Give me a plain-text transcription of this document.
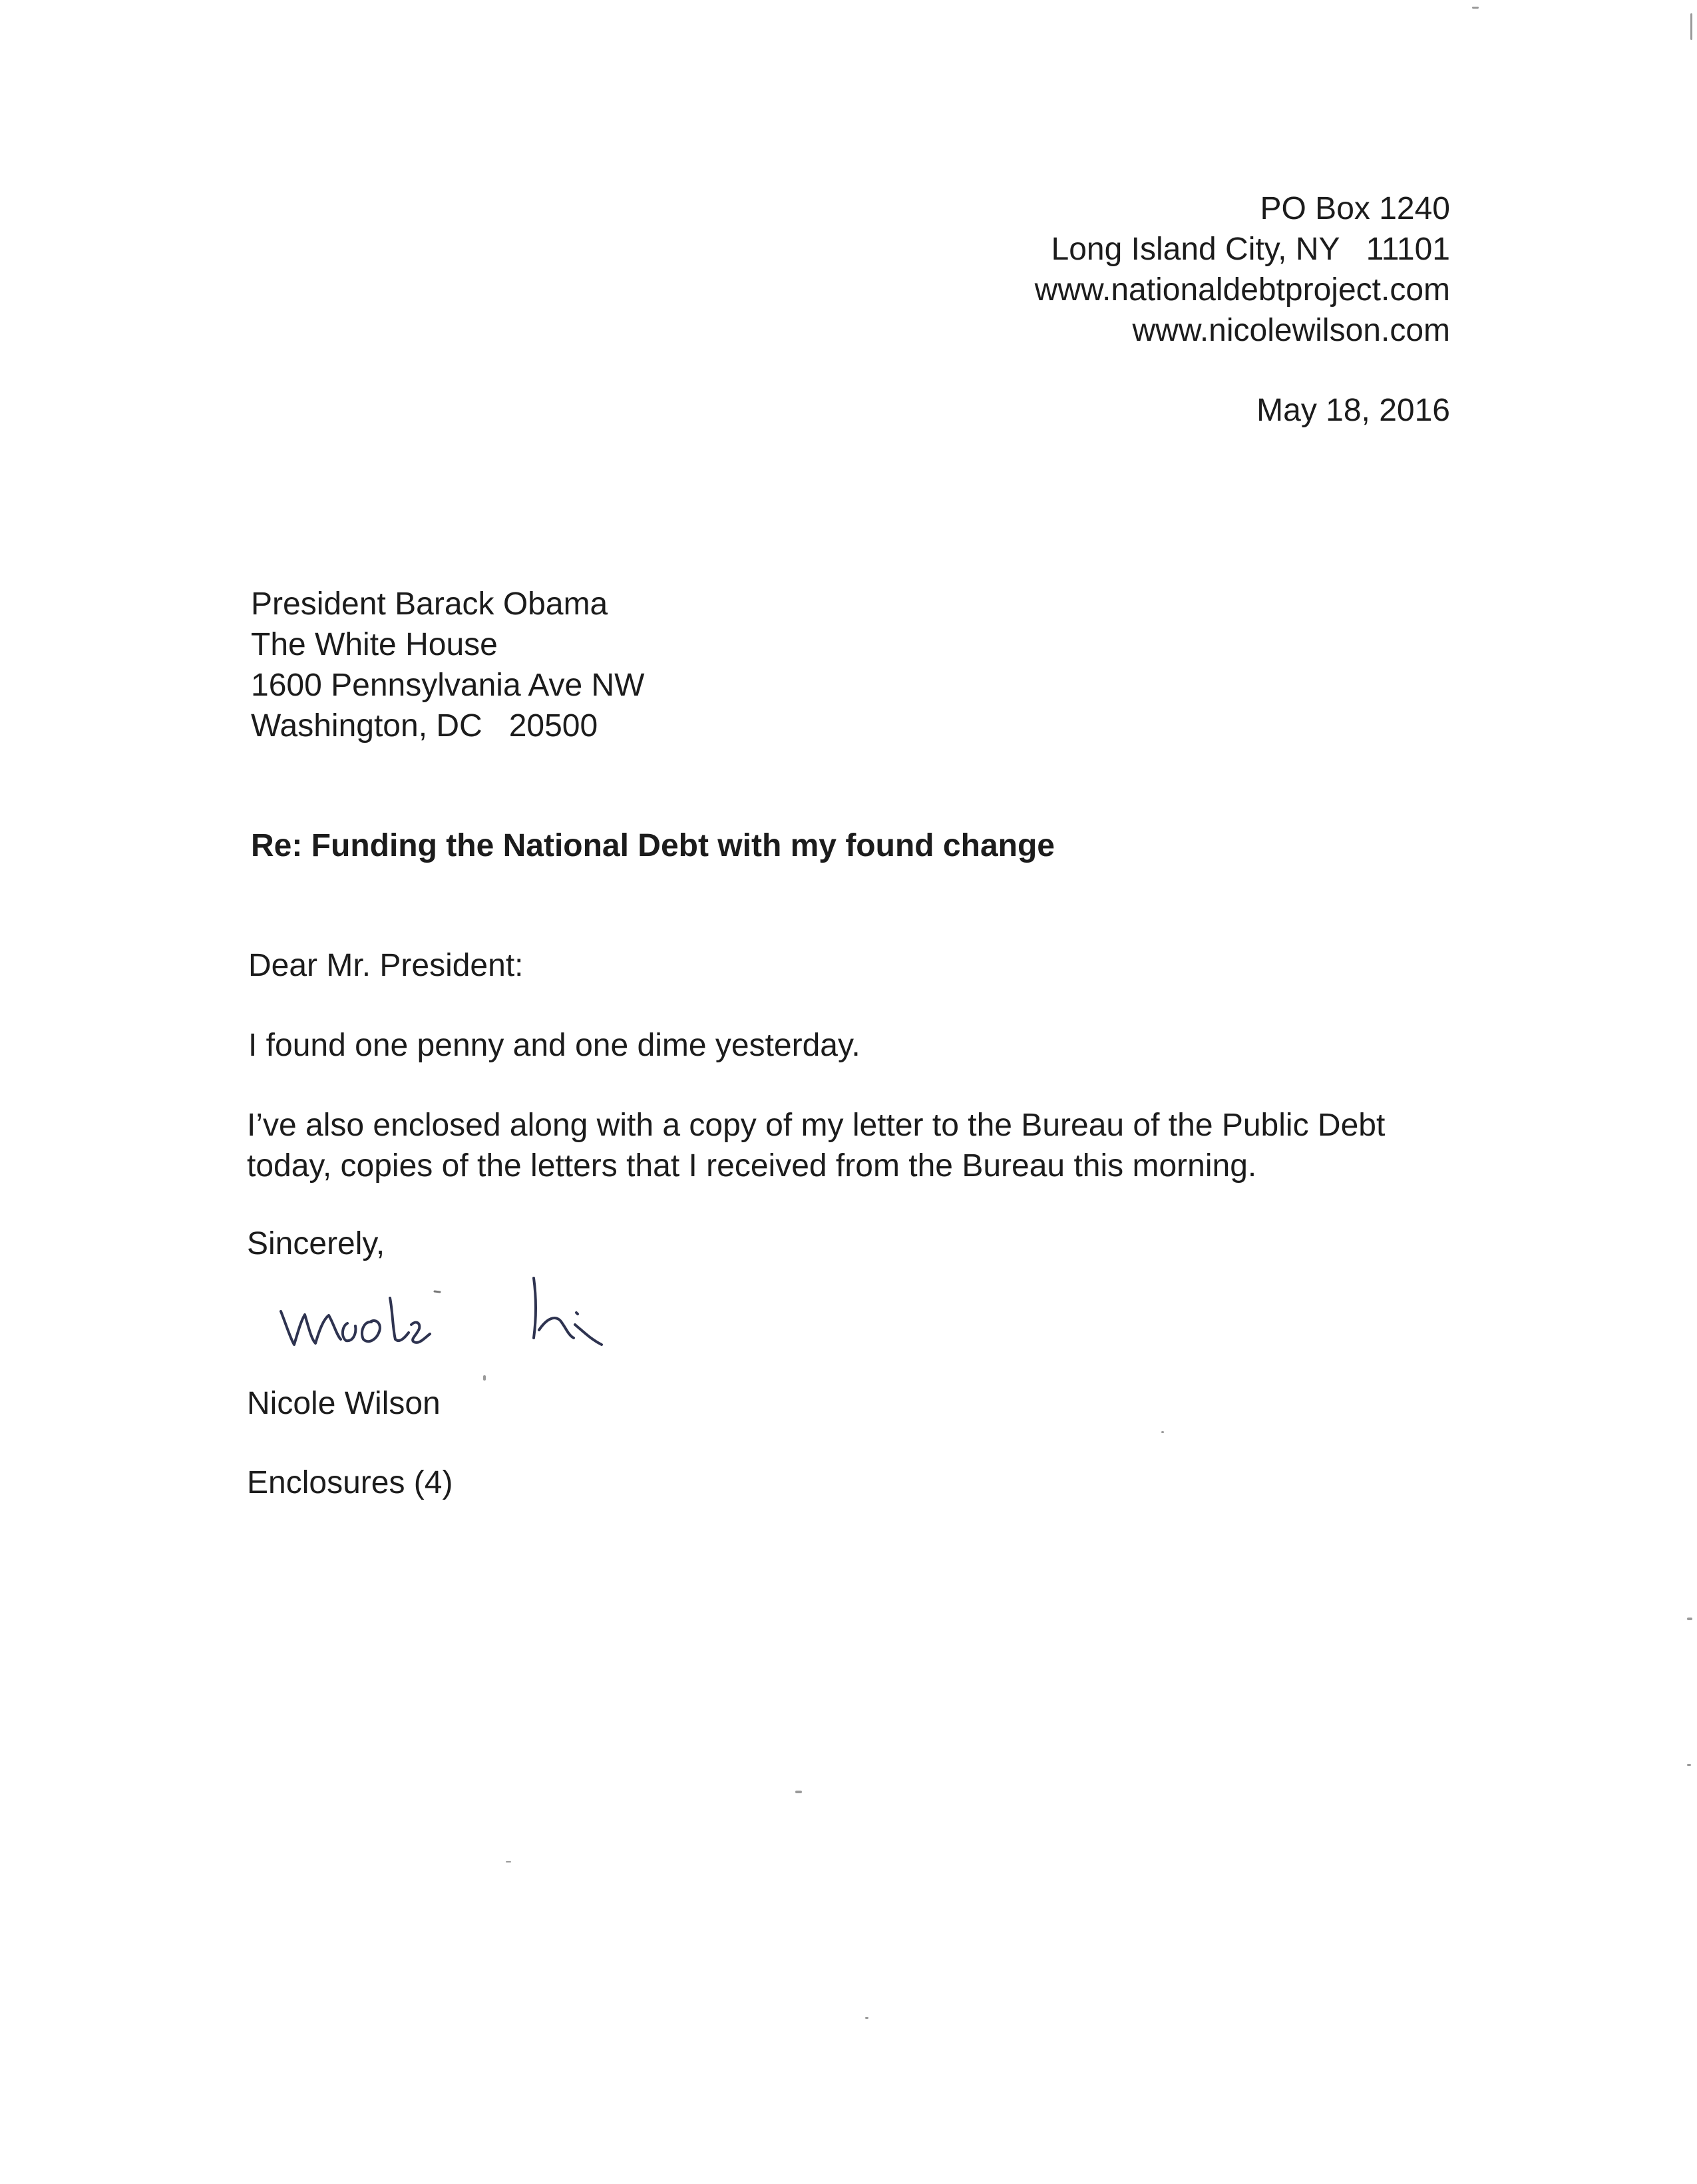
PO Box 1240
Long Island City, NY   11101
www.nationaldebtproject.com
www.nicolewilson.com
May 18, 2016
President Barack Obama
The White House
1600 Pennsylvania Ave NW
Washington, DC   20500
Re: Funding the National Debt with my found change
Dear Mr. President:
I found one penny and one dime yesterday.
I’ve also enclosed along with a copy of my letter to the Bureau of the Public Debt
today, copies of the letters that I received from the Bureau this morning.
Sincerely,
Nicole Wilson
Enclosures (4)
